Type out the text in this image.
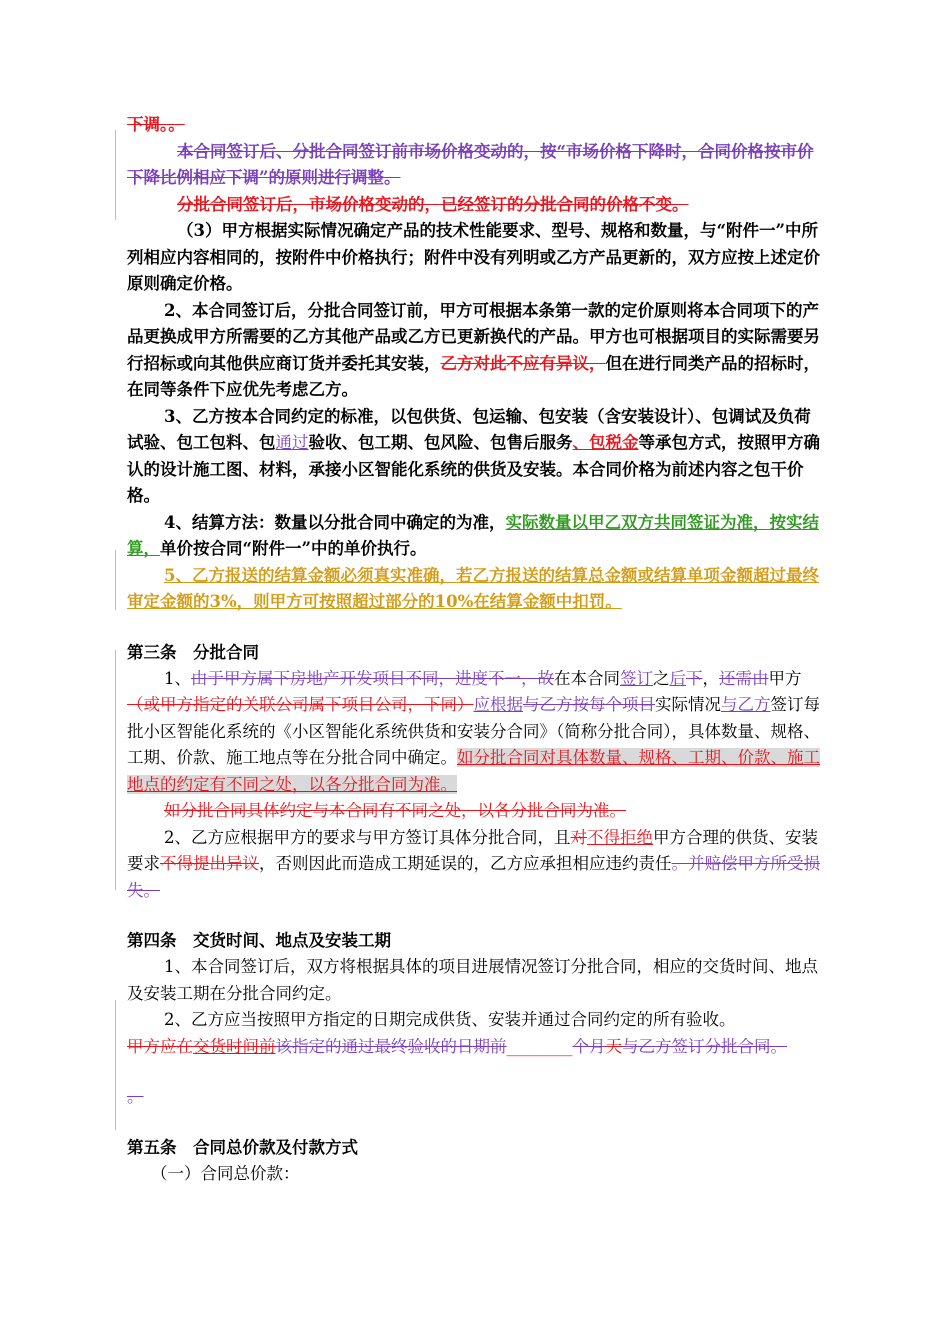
下调。。

本合同签订后、分批合同签订前市场价格变动的，按“市场价格下降时，合同价格按市价下降比例相应下调”的原则进行调整。

分批合同签订后，市场价格变动的，已经签订的分批合同的价格不变。

（3）甲方根据实际情况确定产品的技术性能要求、型号、规格和数量，与“附件一”中所列相应内容相同的，按附件中价格执行；附件中没有列明或乙方产品更新的，双方应按上述定价原则确定价格。

2、本合同签订后，分批合同签订前，甲方可根据本条第一款的定价原则将本合同项下的产品更换成甲方所需要的乙方其他产品或乙方已更新换代的产品。甲方也可根据项目的实际需要另行招标或向其他供应商订货并委托其安装，乙方对此不应有异议，但在进行同类产品的招标时，在同等条件下应优先考虑乙方。

3、乙方按本合同约定的标准，以包供货、包运输、包安装（含安装设计）、包调试及负荷试验、包工包料、包通过验收、包工期、包风险、包售后服务、包税金等承包方式，按照甲方确认的设计施工图、材料，承接小区智能化系统的供货及安装。本合同价格为前述内容之包干价格。

4、结算方法：数量以分批合同中确定的为准，实际数量以甲乙双方共同签证为准，按实结算，单价按合同“附件一”中的单价执行。

5、乙方报送的结算金额必须真实准确，若乙方报送的结算总金额或结算单项金额超过最终审定金额的3%，则甲方可按照超过部分的10%在结算金额中扣罚。

第三条　分批合同

1、由于甲方属下房地产开发项目不同，进度不一，故在本合同签订之后下，还需由甲方（或甲方指定的关联公司属下项目公司，下同）应根据与乙方按每个项目实际情况与乙方签订每批小区智能化系统的《小区智能化系统供货和安装分合同》（简称分批合同），具体数量、规格、工期、价款、施工地点等在分批合同中确定。如分批合同对具体数量、规格、工期、价款、施工地点的约定有不同之处，以各分批合同为准。

如分批合同具体约定与本合同有不同之处，以各分批合同为准。

2、乙方应根据甲方的要求与甲方签订具体分批合同，且对不得拒绝甲方合理的供货、安装要求不得提出异议，否则因此而造成工期延误的，乙方应承担相应违约责任。并赔偿甲方所受损失。

第四条　交货时间、地点及安装工期

1、本合同签订后，双方将根据具体的项目进展情况签订分批合同，相应的交货时间、地点及安装工期在分批合同约定。

2、乙方应当按照甲方指定的日期完成供货、安装并通过合同约定的所有验收。

甲方应在交货时间前该指定的通过最终验收的日期前________个月天与乙方签订分批合同。

。

第五条　合同总价款及付款方式

（一）合同总价款：
